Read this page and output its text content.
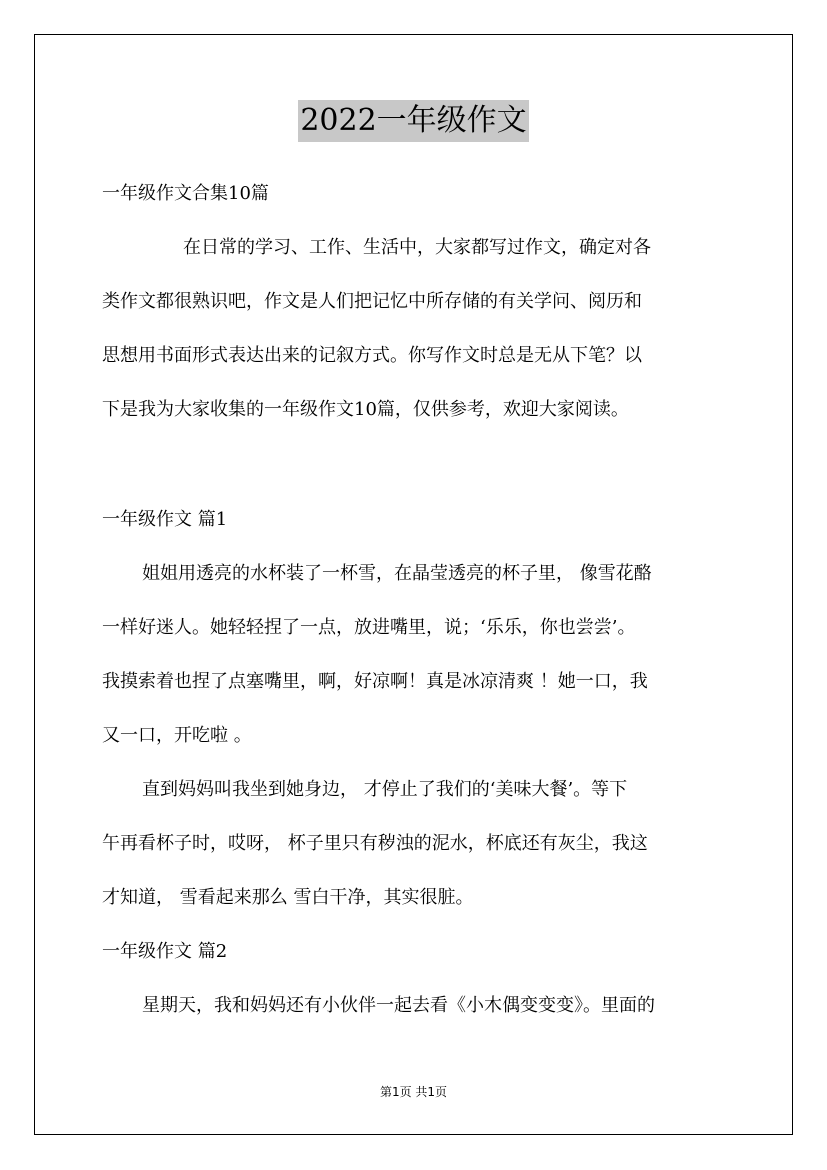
2022一年级作文
一年级作文合集10篇
在日常的学习、工作、生活中，大家都写过作文，确定对各
类作文都很熟识吧，作文是人们把记忆中所存储的有关学问、阅历和
思想用书面形式表达出来的记叙方式。你写作文时总是无从下笔？以
下是我为大家收集的一年级作文10篇，仅供参考，欢迎大家阅读。
一年级作文 篇1
姐姐用透亮的水杯装了一杯雪，在晶莹透亮的杯子里， 像雪花酪
一样好迷人。她轻轻捏了一点，放进嘴里，说；‘乐乐，你也尝尝’。
我摸索着也捏了点塞嘴里，啊，好凉啊！真是冰凉清爽 ！她一口，我
又一口，开吃啦 。
直到妈妈叫我坐到她身边， 才停止了我们的‘美味大餐’。等下
午再看杯子时，哎呀， 杯子里只有秽浊的泥水，杯底还有灰尘，我这
才知道， 雪看起来那么 雪白干净，其实很脏。
一年级作文 篇2
星期天，我和妈妈还有小伙伴一起去看《小木偶变变变》。里面的
第1页 共1页
